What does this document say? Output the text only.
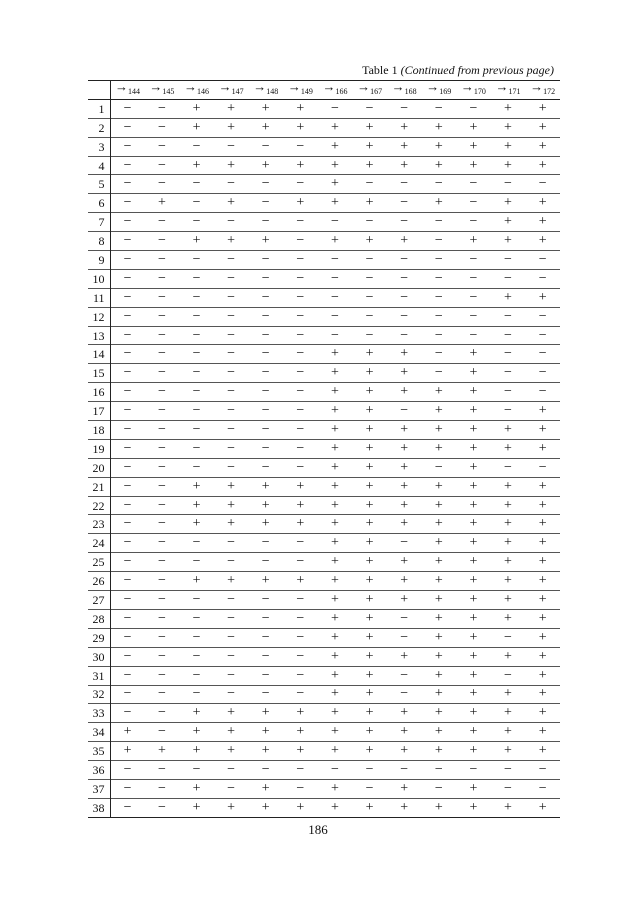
Table 1 (Continued from previous page)
	$\to_{144}$	$\to_{145}$	$\to_{146}$	$\to_{147}$	$\to_{148}$	$\to_{149}$	$\to_{166}$	$\to_{167}$	$\to_{168}$	$\to_{169}$	$\to_{170}$	$\to_{171}$	$\to_{172}$
1	−	−	+	+	+	+	−	−	−	−	−	+	+
2	−	−	+	+	+	+	+	+	+	+	+	+	+
3	−	−	−	−	−	−	+	+	+	+	+	+	+
4	−	−	+	+	+	+	+	+	+	+	+	+	+
5	−	−	−	−	−	−	+	−	−	−	−	−	−
6	−	+	−	+	−	+	+	+	−	+	−	+	+
7	−	−	−	−	−	−	−	−	−	−	−	+	+
8	−	−	+	+	+	−	+	+	+	−	+	+	+
9	−	−	−	−	−	−	−	−	−	−	−	−	−
10	−	−	−	−	−	−	−	−	−	−	−	−	−
11	−	−	−	−	−	−	−	−	−	−	−	+	+
12	−	−	−	−	−	−	−	−	−	−	−	−	−
13	−	−	−	−	−	−	−	−	−	−	−	−	−
14	−	−	−	−	−	−	+	+	+	−	+	−	−
15	−	−	−	−	−	−	+	+	+	−	+	−	−
16	−	−	−	−	−	−	+	+	+	+	+	−	−
17	−	−	−	−	−	−	+	+	−	+	+	−	+
18	−	−	−	−	−	−	+	+	+	+	+	+	+
19	−	−	−	−	−	−	+	+	+	+	+	+	+
20	−	−	−	−	−	−	+	+	+	−	+	−	−
21	−	−	+	+	+	+	+	+	+	+	+	+	+
22	−	−	+	+	+	+	+	+	+	+	+	+	+
23	−	−	+	+	+	+	+	+	+	+	+	+	+
24	−	−	−	−	−	−	+	+	−	+	+	+	+
25	−	−	−	−	−	−	+	+	+	+	+	+	+
26	−	−	+	+	+	+	+	+	+	+	+	+	+
27	−	−	−	−	−	−	+	+	+	+	+	+	+
28	−	−	−	−	−	−	+	+	−	+	+	+	+
29	−	−	−	−	−	−	+	+	−	+	+	−	+
30	−	−	−	−	−	−	+	+	+	+	+	+	+
31	−	−	−	−	−	−	+	+	−	+	+	−	+
32	−	−	−	−	−	−	+	+	−	+	+	+	+
33	−	−	+	+	+	+	+	+	+	+	+	+	+
34	+	−	+	+	+	+	+	+	+	+	+	+	+
35	+	+	+	+	+	+	+	+	+	+	+	+	+
36	−	−	−	−	−	−	−	−	−	−	−	−	−
37	−	−	+	−	+	−	+	−	+	−	+	−	−
38	−	−	+	+	+	+	+	+	+	+	+	+	+
186
